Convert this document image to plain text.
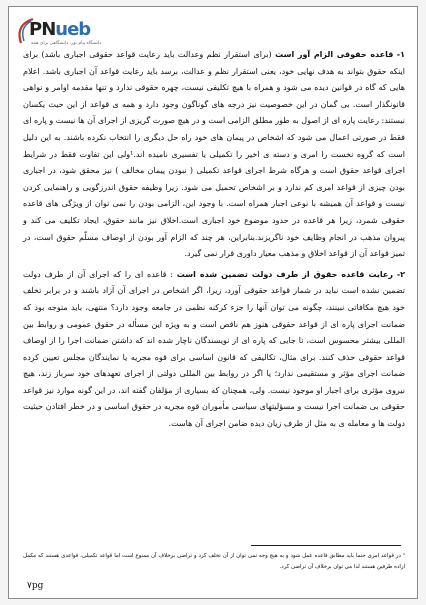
PNueb
دانشگاه پیام نور، دانشگاهی برای همه

۱- قاعده حقوقی الزام آور است (برای استقرار نظم وعدالت باید رعایت قواعد حقوقی اجباری باشد) برای اینکه حقوق بتواند به هدف نهایی خود، یعنی استقرار نظم و عدالت، برسد باید رعایت قواعد آن اجباری باشد. اعلام هایی که گاه در قوانین دیده می شود و همراه با هیچ تکلیفی نیست، چهره حقوقی ندارد و تنها مقدمه اوامر و نواهی قانونگذار است. بی گمان در این خصوصیت نیز درجه های گوناگون وجود دارد و همه ی قواعد از این حیث یکسان نیستند: رعایت پاره ای از اصول به طور مطلق الزامی است و در هیچ صورت گریزی از اجرای آن ها نیست و پاره ای فقط در صورتی اعمال می شود که اشخاص در پیمان های خود راه حل دیگری را انتخاب نکرده باشند. به این دلیل است که گروه نخست را امری و دسته ی اخیر را تکمیلی یا تفسیری نامیده اند.¹ولی این تفاوت فقط در شرایط اجرای قواعد حقوق است و هرگاه شرط اجرای قواعد تکمیلی ( نبودن پیمان مخالف ) نیز محقق شود، در اجباری بودن چیزی از قواعد امری کم ندارد و بر اشخاص تحمیل می شود. زیرا وظیفه حقوق اندرزگویی و راهنمایی کردن نیست و قواعد آن همیشه با نوعی اجبار همراه است. با وجود این، الزامی بودن را نمی توان از ویژگی های قاعده حقوقی شمرد، زیرا هر قاعده در حدود موضوع خود اجباری است.اخلاق نیز مانند حقوق، ایجاد تکلیف می کند و پیروان مذهب در انجام وظایف خود ناگریزند.بنابراین، هر چند که الزام آور بودن از اوصاف مسلّم حقوق است، در تمیز قواعد آن از قواعد اخلاق و مذهب معیار داوری قرار نمی گیرد.

۲- رعایت قاعده حقوق از طرف دولت تضمین شده است : قاعده ای را که اجرای آن از طرف دولت تضمین نشده است نباید در شمار قواعد حقوقی آورد، زیرا، اگر اشخاص در اجرای آن آزاد باشند و در برابر تخلف خود هیچ مکافاتی نبینند، چگونه می توان آنها را جزء کرکنه نظمی در جامعه وجود دارد؟ منتهی، باید متوجه بود که ضمانت اجرای پاره ای از قواعد حقوقی هنوز هم ناقص است و به ویژه این مسأله در حقوق عمومی و روابط بین المللی بیشتر محسوس است، تا جایی که پاره ای از نویسندگان ناچار شده اند که داشتن ضمانت اجرا را از اوصاف قواعد حقوقی حذف کنند. برای مثال، تکالیفی که قانون اساسی برای قوه مجریه یا نمایندگان مجلس تعیین کرده ضمانت اجرای مؤثر و مستقیمی ندارد؛ یا اگر در روابط بین المللی دولتی از اجرای تعهدهای خود سرباز زند، هیچ نیروی مؤثری برای اجبار او موجود نیست. ولی، همچنان که بسیاری از مؤلفان گفته اند، در این گونه موارد نیز قواعد حقوقی بی ضمانت اجرا نیست و مسؤلیتهای سیاسی مأموران قوه مجریه در حقوق اساسی و در خطر افتادن حیثیت دولت ها و معامله ی به مثل از طرف زیان دیده ضامن اجرای آن هاست.

¹ در قواعد امری حتما باید مطابق قاعده عمل شود و به هیچ وجه نمی توان از آن تخلف کرد و تراضی برخلاف آن ممنوع است اما قواعد تکمیلی، قواعدی هستند که مکمل اراده طرفین هستند لذا می توان برخلاف آن تراضی کرد.
۷pg
